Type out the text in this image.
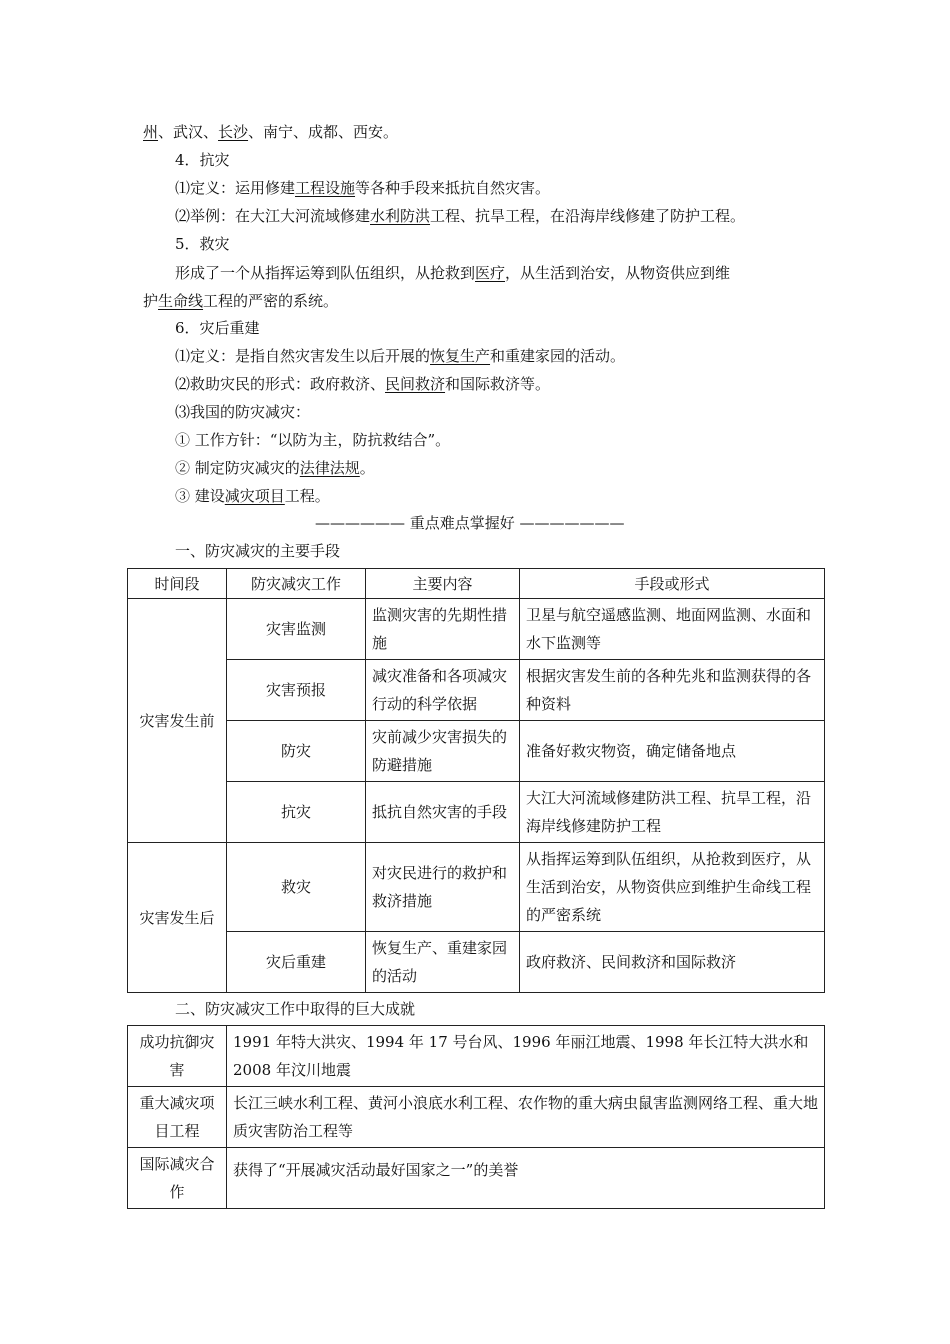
州、武汉、长沙、南宁、成都、西安。
4．抗灾
⑴定义：运用修建工程设施等各种手段来抵抗自然灾害。
⑵举例：在大江大河流域修建水利防洪工程、抗旱工程，在沿海岸线修建了防护工程。
5．救灾
形成了一个从指挥运筹到队伍组织，从抢救到医疗，从生活到治安，从物资供应到维
护生命线工程的严密的系统。
6．灾后重建
⑴定义：是指自然灾害发生以后开展的恢复生产和重建家园的活动。
⑵救助灾民的形式：政府救济、民间救济和国际救济等。
⑶我国的防灾减灾：
① 工作方针：“以防为主，防抗救结合”。
② 制定防灾减灾的法律法规。
③ 建设减灾项目工程。
—————— 重点难点掌握好 ———————
一、防灾减灾的主要手段
时间段	防灾减灾工作	主要内容	手段或形式
灾害发生前	灾害监测	监测灾害的先期性措施	卫星与航空遥感监测、地面网监测、水面和水下监测等
	灾害预报	减灾准备和各项减灾行动的科学依据	根据灾害发生前的各种先兆和监测获得的各种资料
	防灾	灾前减少灾害损失的防避措施	准备好救灾物资，确定储备地点
	抗灾	抵抗自然灾害的手段	大江大河流域修建防洪工程、抗旱工程，沿海岸线修建防护工程
灾害发生后	救灾	对灾民进行的救护和救济措施	从指挥运筹到队伍组织，从抢救到医疗，从生活到治安，从物资供应到维护生命线工程的严密系统
	灾后重建	恢复生产、重建家园的活动	政府救济、民间救济和国际救济
二、防灾减灾工作中取得的巨大成就
成功抗御灾害	1991 年特大洪灾、1994 年 17 号台风、1996 年丽江地震、1998 年长江特大洪水和 2008 年汶川地震
重大减灾项目工程	长江三峡水利工程、黄河小浪底水利工程、农作物的重大病虫鼠害监测网络工程、重大地质灾害防治工程等
国际减灾合作	获得了“开展减灾活动最好国家之一”的美誉
